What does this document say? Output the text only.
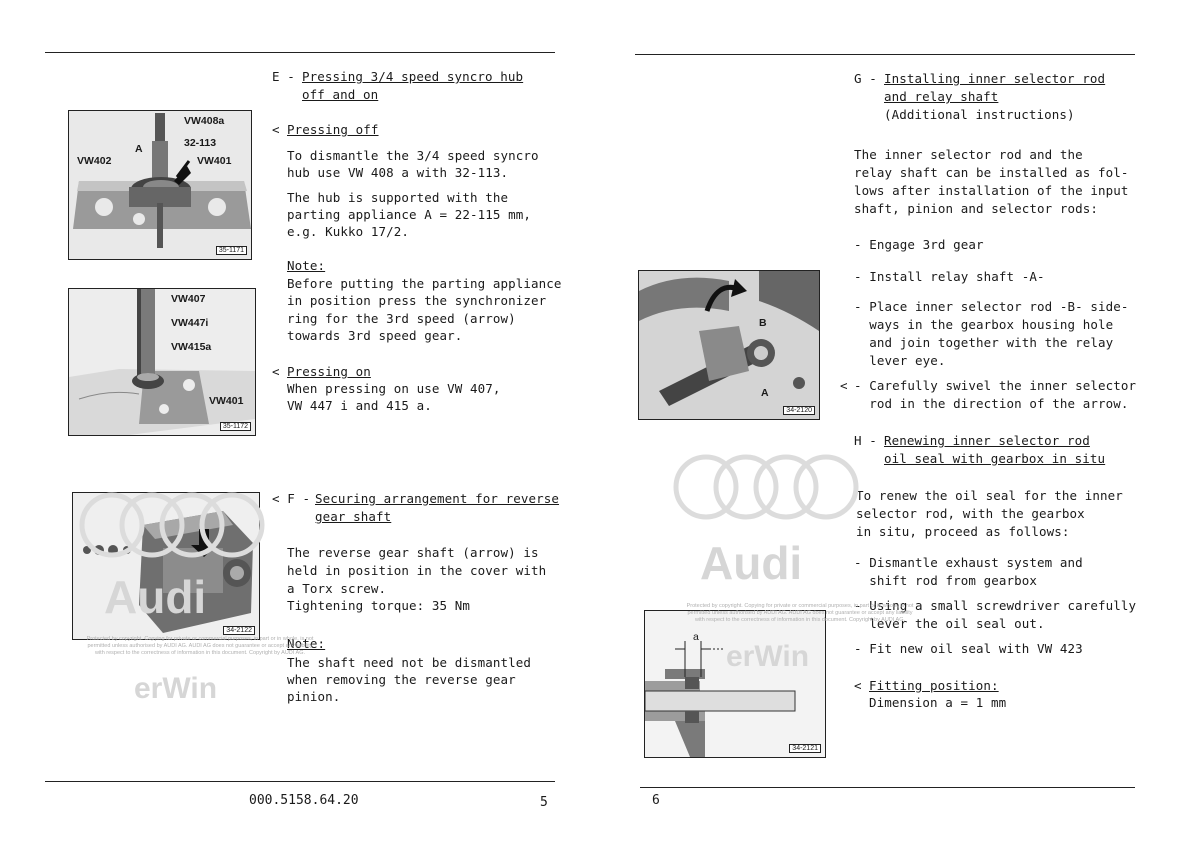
E - Pressing 3/4 speed syncro hub
off and on
< Pressing off
To dismantle the 3/4 speed syncro
hub use VW 408 a with 32-113.
The hub is supported with the
parting appliance A = 22-115 mm,
e.g. Kukko 17/2.
Note:
Before putting the parting appliance
in position press the synchronizer
ring for the 3rd speed (arrow)
towards 3rd speed gear.
< Pressing on
When pressing on use VW 407,
VW 447 i and 415 a.
< F - Securing arrangement for reverse
gear shaft
The reverse gear shaft (arrow) is
held in position in the cover with
a Torx screw.
Tightening torque: 35 Nm
Note:
The shaft need not be dismantled
when removing the reverse gear
pinion.
VW408a
32-113
A
VW402	VW401
35-1171
VW407
VW447i
VW415a
VW401
35-1172
34-2122
Audi
Protected by copyright. Copying for private or commercial purposes, in part or in whole, is not
permitted unless authorised by AUDI AG. AUDI AG does not guarantee or accept any liability
with respect to the correctness of information in this document. Copyright by AUDI AG.
erWin
000.5158.64.20	5
G - Installing inner selector rod
and relay shaft
(Additional instructions)
The inner selector rod and the
relay shaft can be installed as fol-
lows after installation of the input
shaft, pinion and selector rods:
- Engage 3rd gear
- Install relay shaft -A-
- Place inner selector rod -B- side-
ways in the gearbox housing hole
and join together with the relay
lever eye.
< - Carefully swivel the inner selector
rod in the direction of the arrow.
H - Renewing inner selector rod
oil seal with gearbox in situ
To renew the oil seal for the inner
selector rod, with the gearbox
in situ, proceed as follows:
- Dismantle exhaust system and
shift rod from gearbox
- Using a small screwdriver carefully
lever the oil seal out.
- Fit new oil seal with VW 423
< Fitting position:
Dimension a = 1 mm
B
A
34-2120
a
34-2121
Audi
Protected by copyright. Copying for private or commercial purposes, in part or in whole, is not
permitted unless authorised by AUDI AG. AUDI AG does not guarantee or accept any liability
with respect to the correctness of information in this document. Copyright by AUDI AG.
erWin
6
